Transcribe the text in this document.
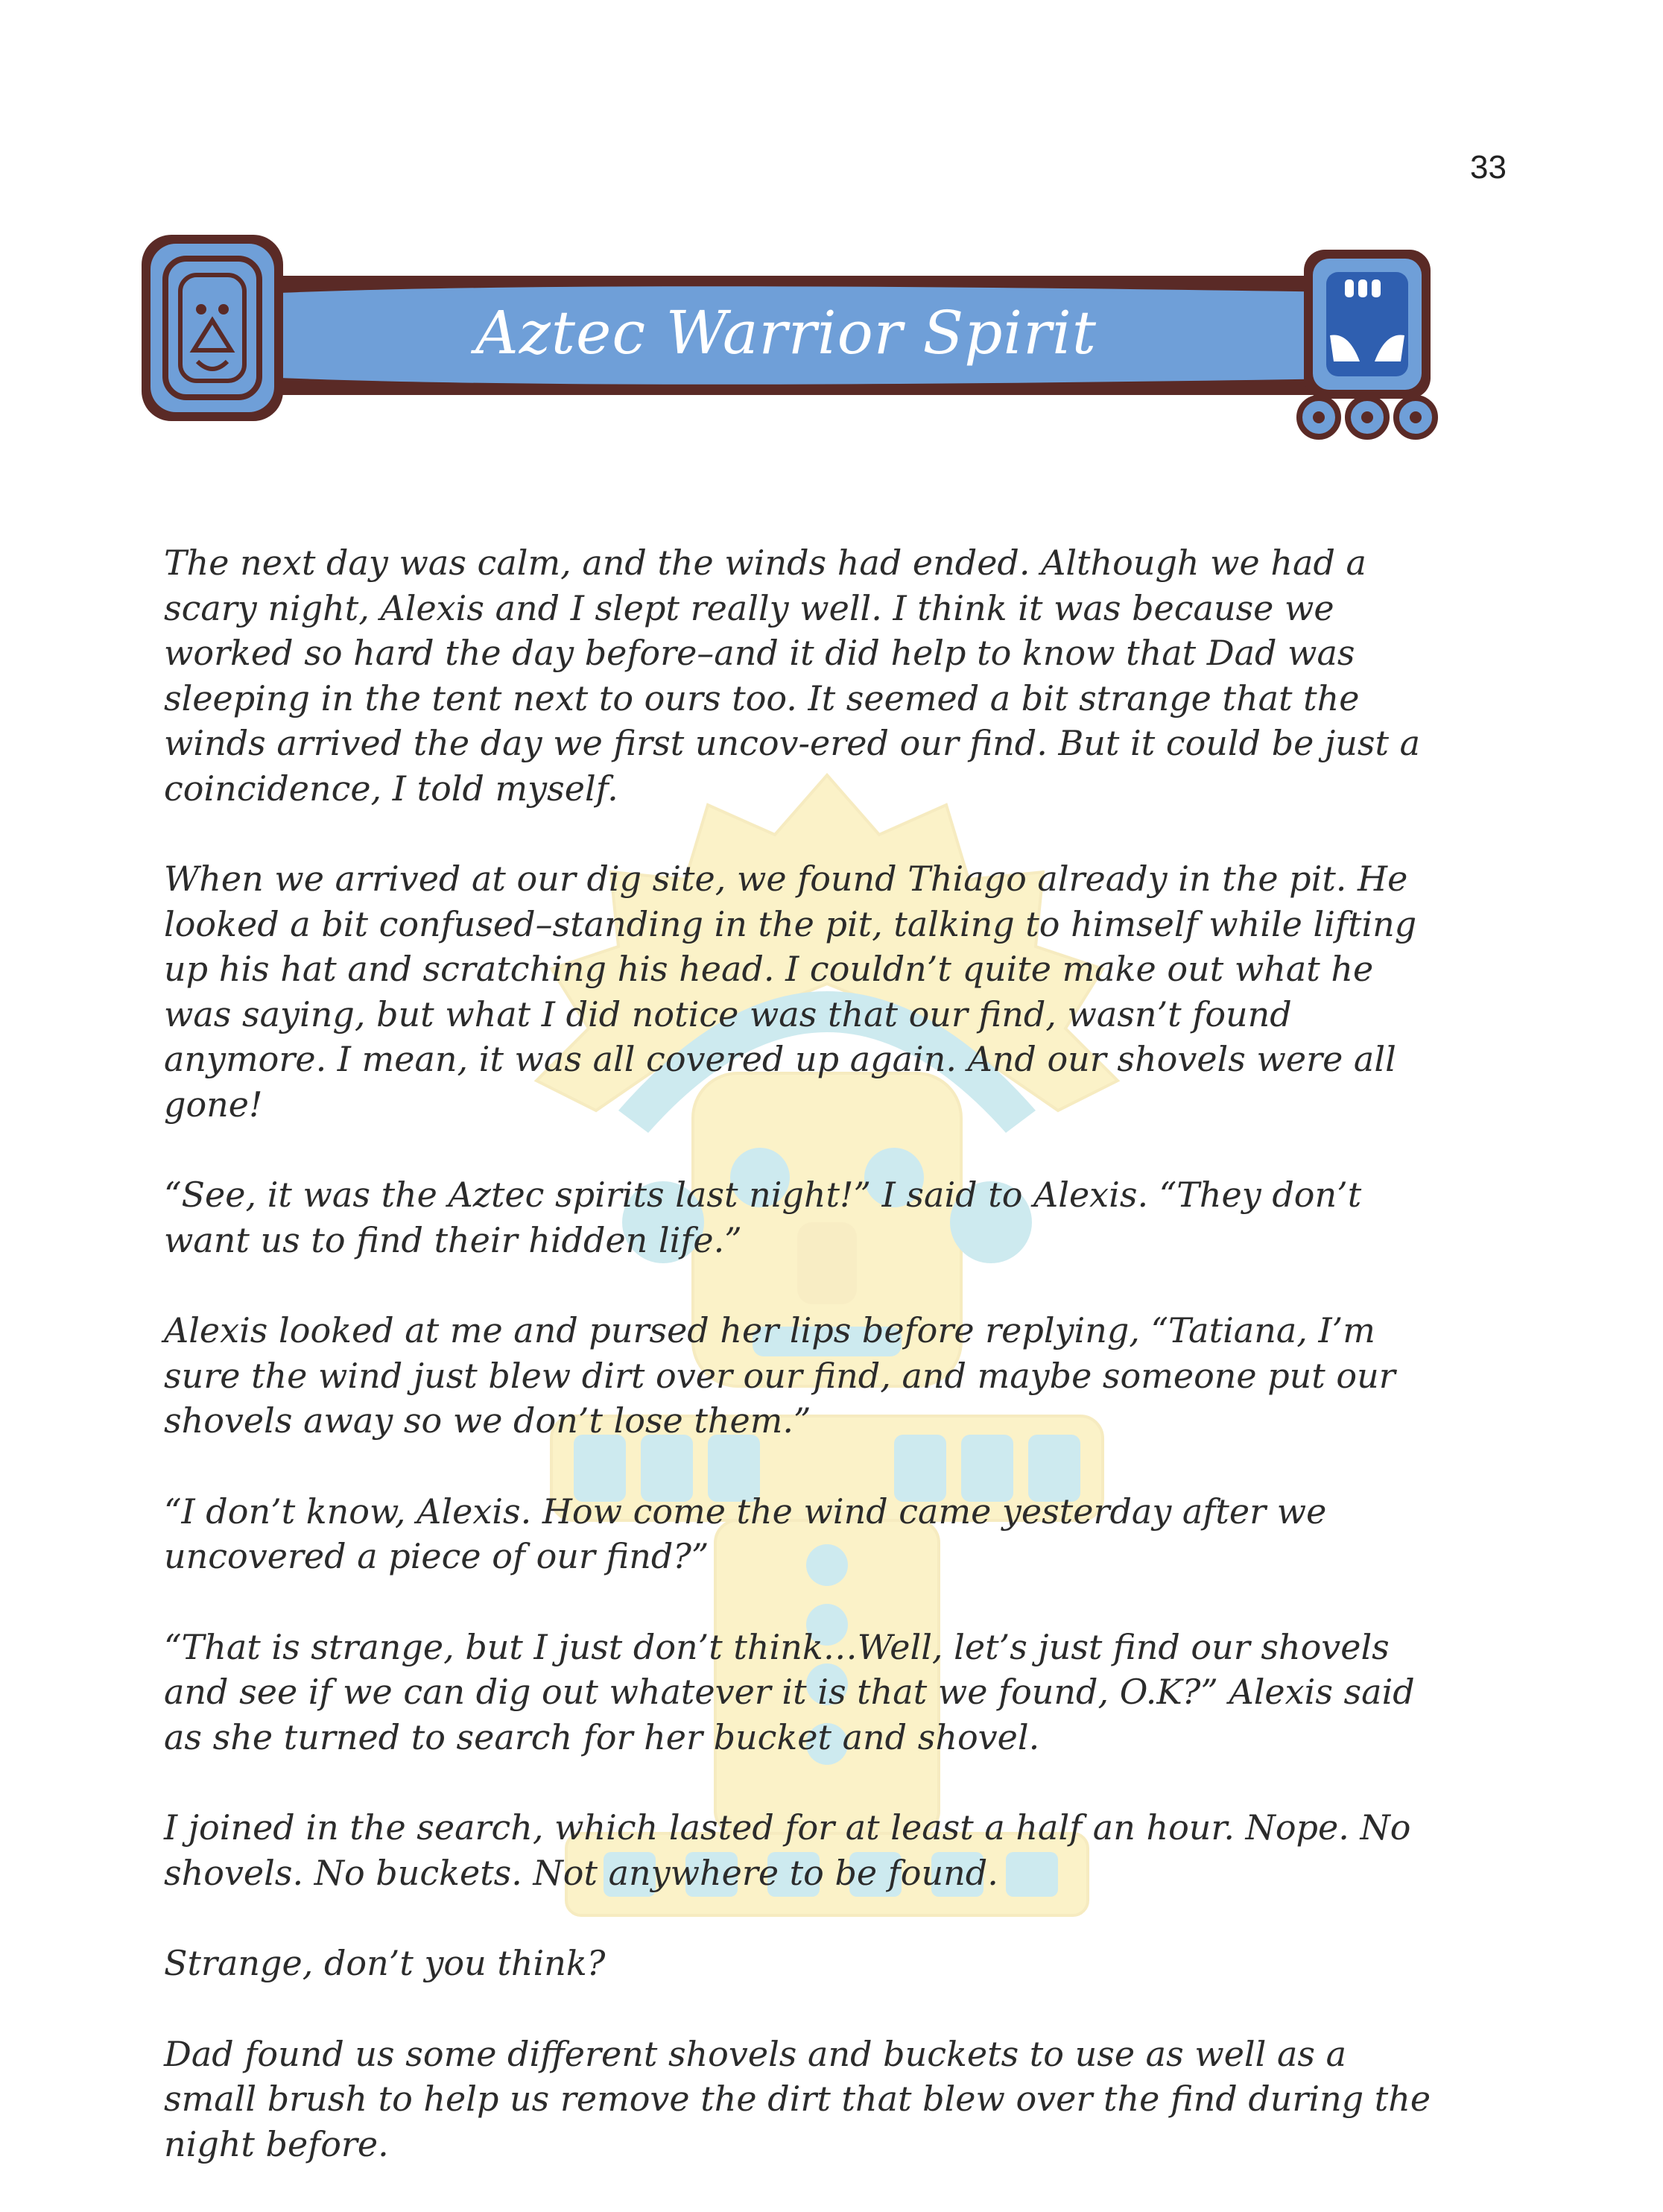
33
Aztec Warrior Spirit

The next day was calm, and the winds had ended. Although we had a scary night, Alexis and I slept really well. I think it was because we worked so hard the day before–and it did help to know that Dad was sleeping in the tent next to ours too. It seemed a bit strange that the winds arrived the day we first uncov-ered our find. But it could be just a coincidence, I told myself.

When we arrived at our dig site, we found Thiago already in the pit. He looked a bit confused–standing in the pit, talking to himself while lifting up his hat and scratching his head. I couldn’t quite make out what he was saying, but what I did notice was that our find, wasn’t found anymore. I mean, it was all covered up again. And our shovels were all gone!

“See, it was the Aztec spirits last night!” I said to Alexis. “They don’t want us to find their hidden life.”

Alexis looked at me and pursed her lips before replying, “Tatiana, I’m sure the wind just blew dirt over our find, and maybe someone put our shovels away so we don’t lose them.”

“I don’t know, Alexis. How come the wind came yesterday after we uncovered a piece of our find?”

“That is strange, but I just don’t think…Well, let’s just find our shovels and see if we can dig out whatever it is that we found, O.K?” Alexis said as she turned to search for her bucket and shovel.

I joined in the search, which lasted for at least a half an hour. Nope. No shovels. No buckets. Not anywhere to be found.

Strange, don’t you think?

Dad found us some different shovels and buckets to use as well as a small brush to help us remove the dirt that blew over the find during the night before.
